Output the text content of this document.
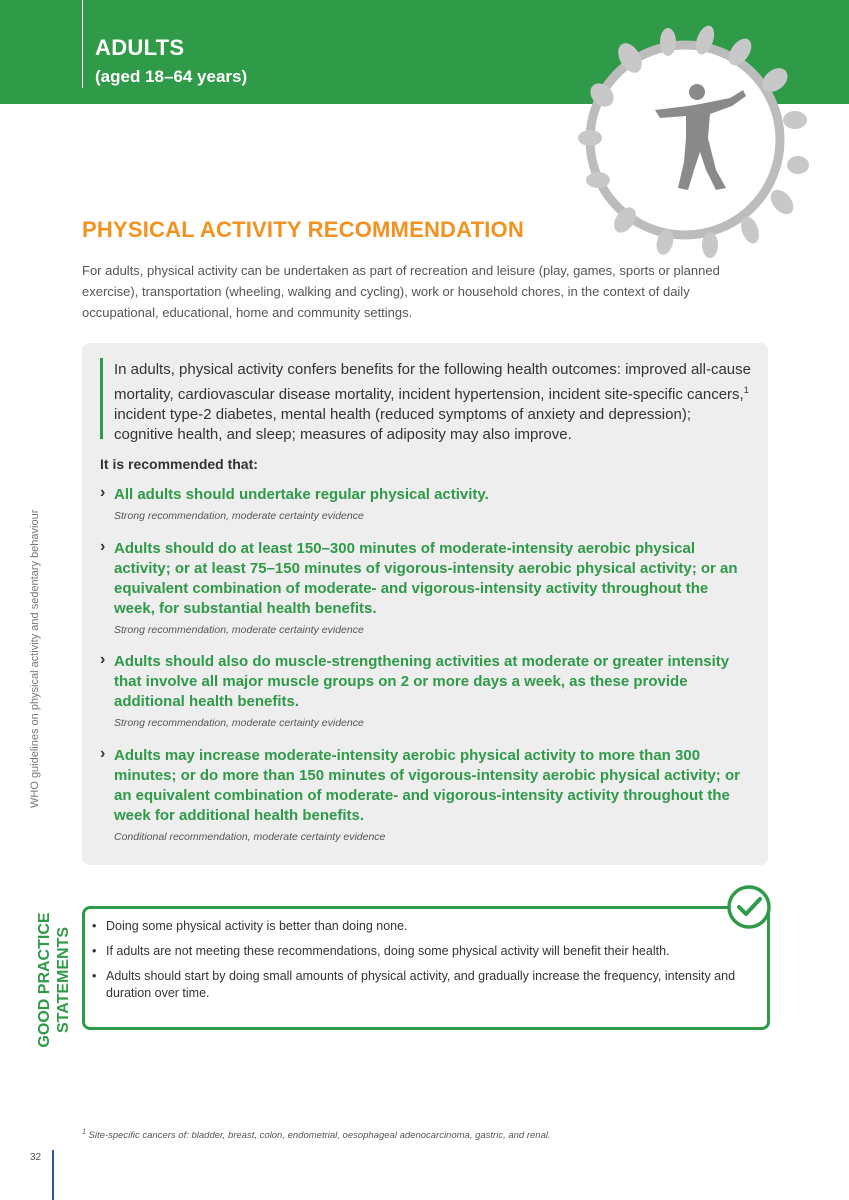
ADULTS
(aged 18–64 years)
PHYSICAL ACTIVITY RECOMMENDATION
For adults, physical activity can be undertaken as part of recreation and leisure (play, games, sports or planned exercise), transportation (wheeling, walking and cycling), work or household chores, in the context of daily occupational, educational, home and community settings.
WHO guidelines on physical activity and sedentary behaviour
In adults, physical activity confers benefits for the following health outcomes: improved all-cause mortality, cardiovascular disease mortality, incident hypertension, incident site-specific cancers,$^1$ incident type-2 diabetes, mental health (reduced symptoms of anxiety and depression); cognitive health, and sleep; measures of adiposity may also improve.
It is recommended that:
› All adults should undertake regular physical activity.
Strong recommendation, moderate certainty evidence
› Adults should do at least 150–300 minutes of moderate-intensity aerobic physical activity; or at least 75–150 minutes of vigorous-intensity aerobic physical activity; or an equivalent combination of moderate- and vigorous-intensity activity throughout the week, for substantial health benefits.
Strong recommendation, moderate certainty evidence
› Adults should also do muscle-strengthening activities at moderate or greater intensity that involve all major muscle groups on 2 or more days a week, as these provide additional health benefits.
Strong recommendation, moderate certainty evidence
› Adults may increase moderate-intensity aerobic physical activity to more than 300 minutes; or do more than 150 minutes of vigorous-intensity aerobic physical activity; or an equivalent combination of moderate- and vigorous-intensity activity throughout the week for additional health benefits.
Conditional recommendation, moderate certainty evidence
GOOD PRACTICE STATEMENTS
• Doing some physical activity is better than doing none.
• If adults are not meeting these recommendations, doing some physical activity will benefit their health.
• Adults should start by doing small amounts of physical activity, and gradually increase the frequency, intensity and duration over time.
$^1$ Site-specific cancers of: bladder, breast, colon, endometrial, oesophageal adenocarcinoma, gastric, and renal.
32
